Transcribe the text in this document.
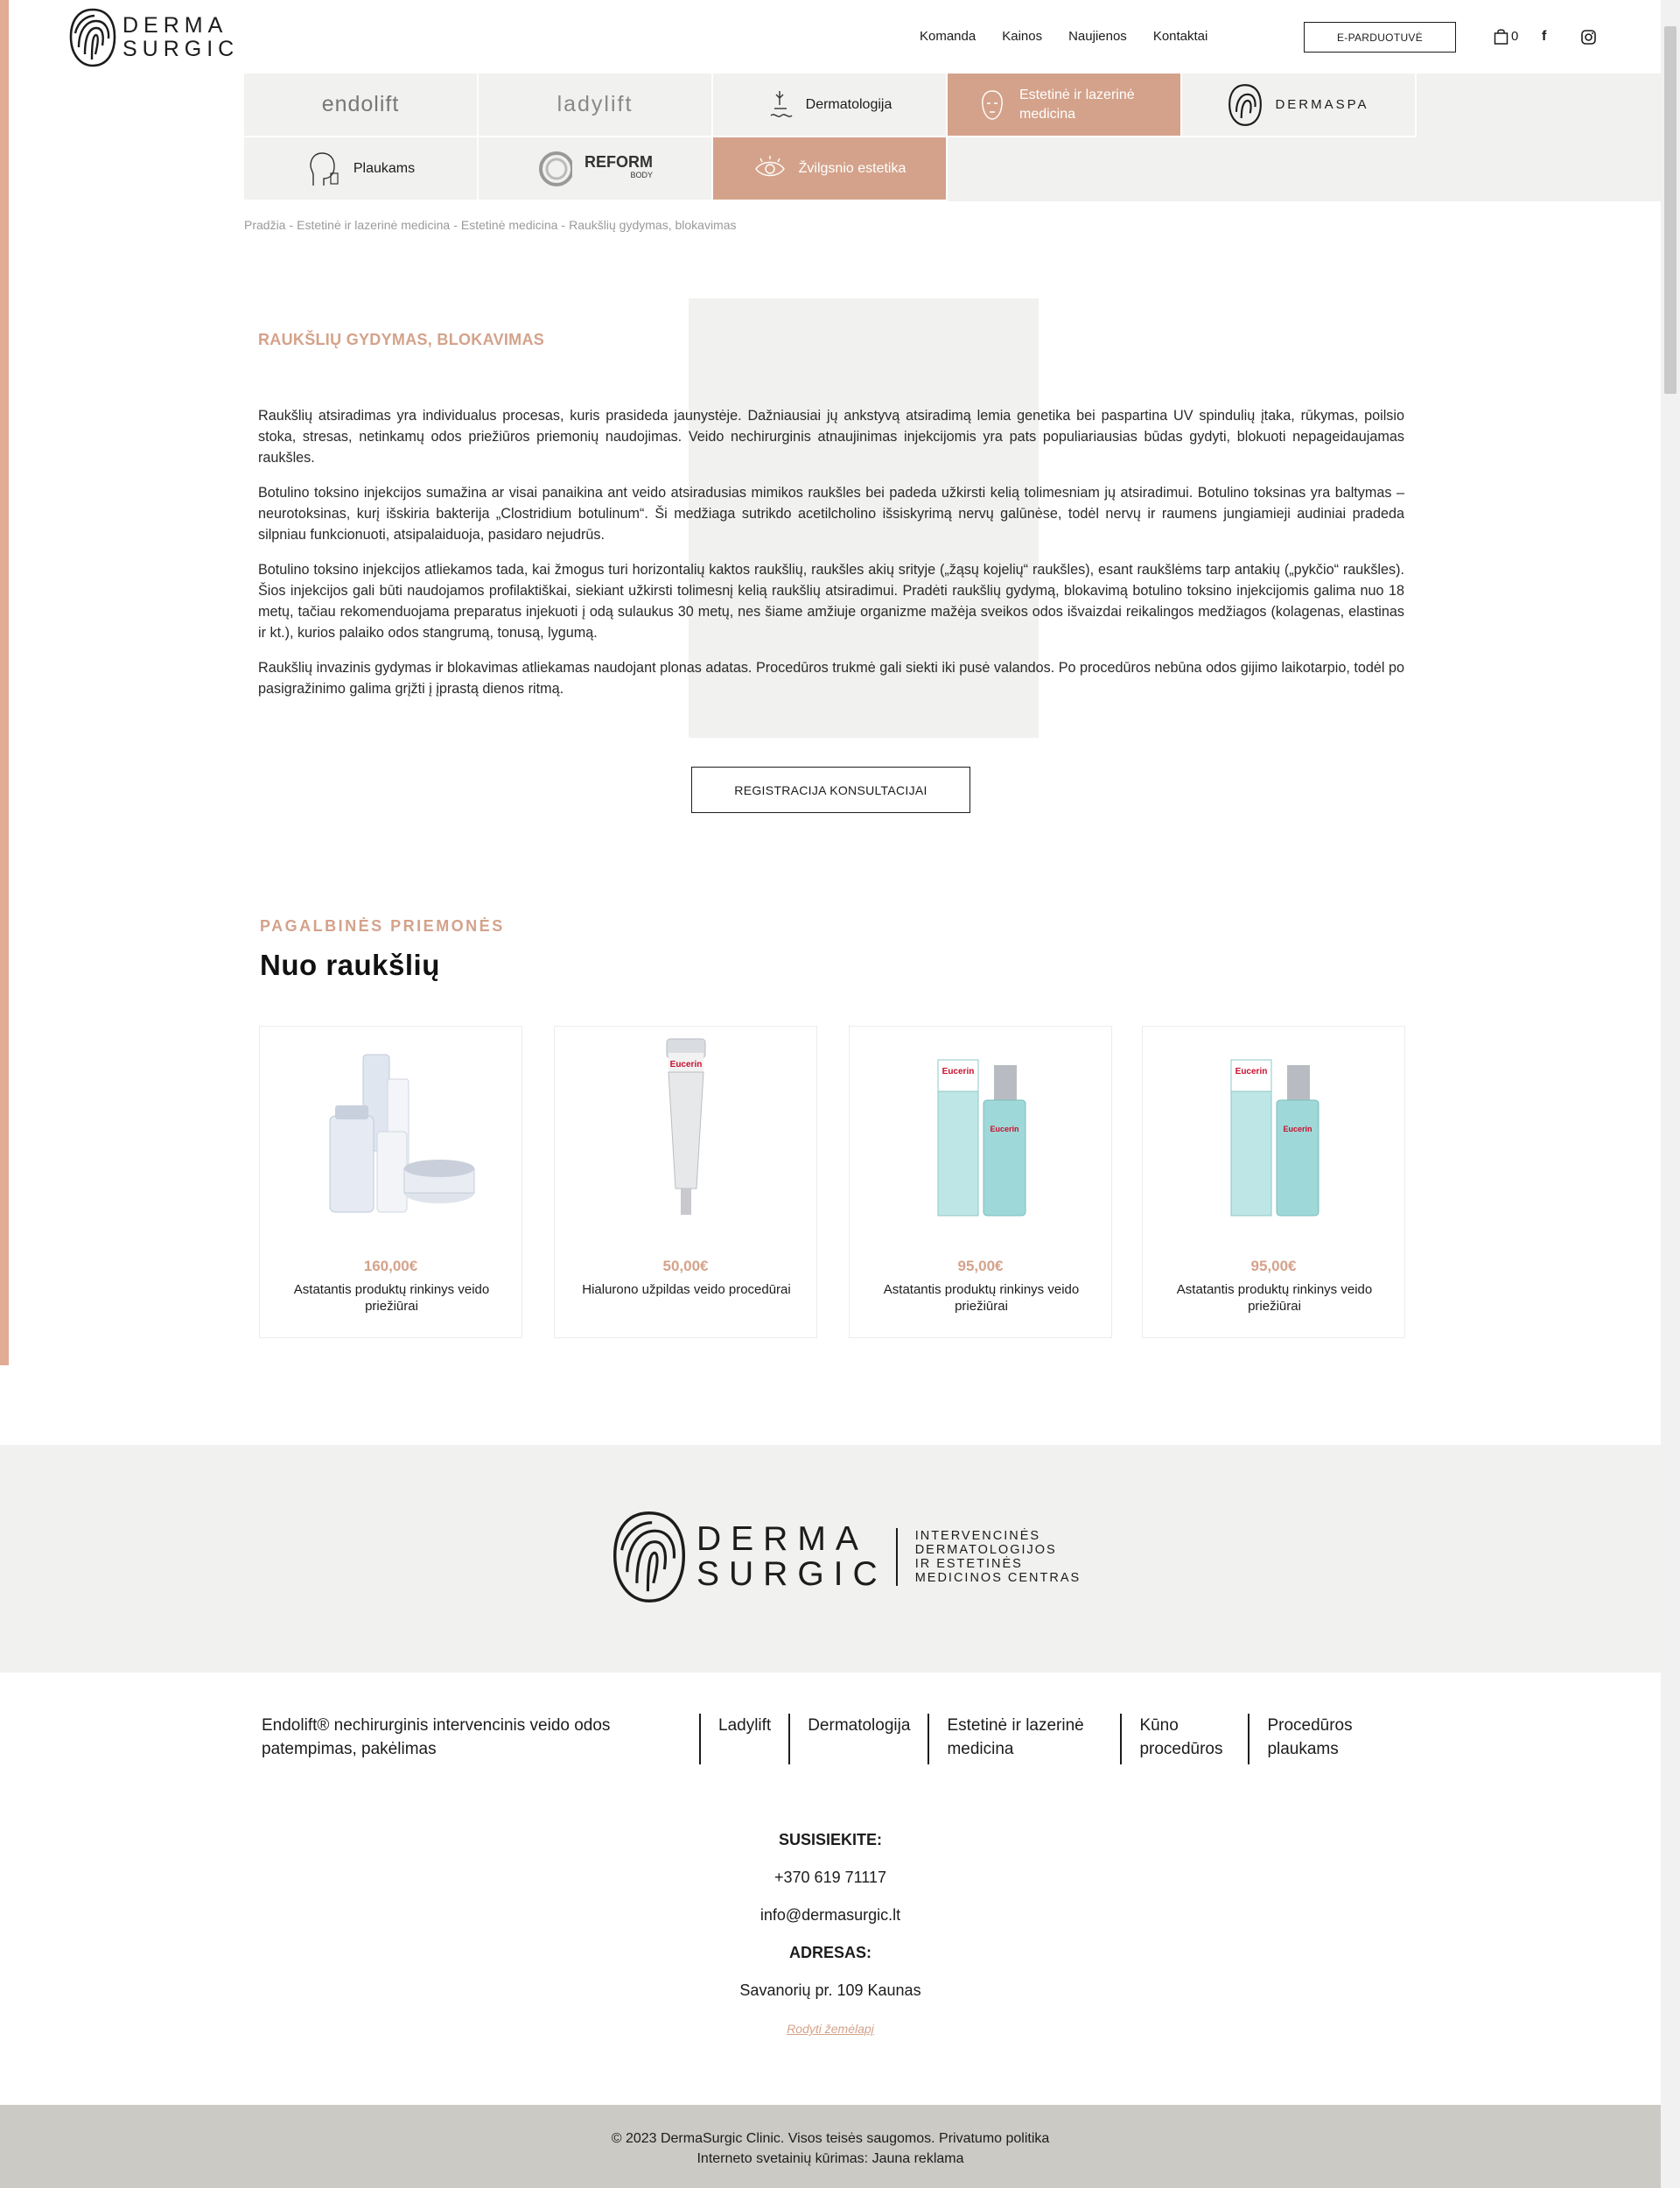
DERMA
SURGIC
Komanda Kainos Naujienos Kontaktai	E-PARDUOTUVĖ	0 f
endolift	ladylift	Dermatologija
Estetinė ir lazerinė medicina
DERMASPA
Plaukams	REFORM
BODY	Žvilgsnio estetika
Pradžia - Estetinė ir lazerinė medicina - Estetinė medicina - Raukšlių gydymas, blokavimas
RAUKŠLIŲ GYDYMAS, BLOKAVIMAS

Raukšlių atsiradimas yra individualus procesas, kuris prasideda jaunystėje. Dažniausiai jų ankstyvą atsiradimą lemia genetika bei paspartina UV spindulių įtaka, rūkymas, poilsio stoka, stresas, netinkamų odos priežiūros priemonių naudojimas. Veido nechirurginis atnaujinimas injekcijomis yra pats populiariausias būdas gydyti, blokuoti nepageidaujamas raukšles.

Botulino toksino injekcijos sumažina ar visai panaikina ant veido atsiradusias mimikos raukšles bei padeda užkirsti kelią tolimesniam jų atsiradimui. Botulino toksinas yra baltymas – neurotoksinas, kurį išskiria bakterija „Clostridium botulinum“. Ši medžiaga sutrikdo acetilcholino išsiskyrimą nervų galūnėse, todėl nervų ir raumens jungiamieji audiniai pradeda silpniau funkcionuoti, atsipalaiduoja, pasidaro nejudrūs.

Botulino toksino injekcijos atliekamos tada, kai žmogus turi horizontalių kaktos raukšlių, raukšles akių srityje („žąsų kojelių“ raukšles), esant raukšlėms tarp antakių („pykčio“ raukšles). Šios injekcijos gali būti naudojamos profilaktiškai, siekiant užkirsti tolimesnį kelią raukšlių atsiradimui. Pradėti raukšlių gydymą, blokavimą botulino toksino injekcijomis galima nuo 18 metų, tačiau rekomenduojama preparatus injekuoti į odą sulaukus 30 metų, nes šiame amžiuje organizme mažėja sveikos odos išvaizdai reikalingos medžiagos (kolagenas, elastinas ir kt.), kurios palaiko odos stangrumą, tonusą, lygumą.

Raukšlių invazinis gydymas ir blokavimas atliekamas naudojant plonas adatas. Procedūros trukmė gali siekti iki pusė valandos. Po procedūros nebūna odos gijimo laikotarpio, todėl po pasigražinimo galima grįžti į įprastą dienos ritmą.

REGISTRACIJA KONSULTACIJAI
PAGALBINĖS PRIEMONĖS
Nuo raukšlių
160,00€
Astatantis produktų rinkinys veido priežiūrai
Eucerin
50,00€
Hialurono užpildas veido procedūrai
Eucerin
Eucerin
95,00€
Astatantis produktų rinkinys veido priežiūrai
Eucerin
Eucerin
95,00€
Astatantis produktų rinkinys veido priežiūrai
DERMA
SURGIC
INTERVENCINĖS
DERMATOLOGIJOS
IR ESTETINĖS
MEDICINOS CENTRAS
Endolift® nechirurginis intervencinis veido odos patempimas, pakėlimas
Ladylift	Dermatologija	Estetinė ir lazerinė medicina
Kūno procedūros
Procedūros plaukams
SUSISIEKITE:
+370 619 71117
info@dermasurgic.lt
ADRESAS:
Savanorių pr. 109 Kaunas
Rodyti žemėlapį
© 2023 DermaSurgic Clinic. Visos teisės saugomos. Privatumo politika
Interneto svetainių kūrimas: Jauna reklama
